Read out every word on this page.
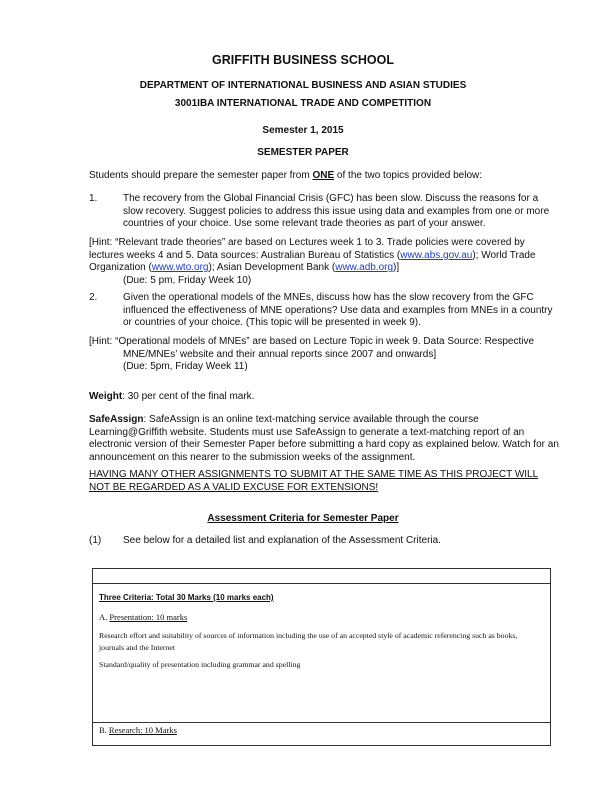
GRIFFITH BUSINESS SCHOOL
DEPARTMENT OF INTERNATIONAL BUSINESS AND ASIAN STUDIES
3001IBA INTERNATIONAL TRADE AND COMPETITION
Semester 1, 2015
SEMESTER PAPER
Students should prepare the semester paper from ONE of the two topics provided below:
1.	The recovery from the Global Financial Crisis (GFC) has been slow. Discuss the reasons for a slow recovery. Suggest policies to address this issue using data and examples from one or more countries of your choice. Use some relevant trade theories as part of your answer.
[Hint: “Relevant trade theories” are based on Lectures week 1 to 3. Trade policies were covered by lectures weeks 4 and 5. Data sources: Australian Bureau of Statistics (www.abs.gov.au); World Trade Organization (www.wto.org); Asian Development Bank (www.adb.org)]
(Due: 5 pm, Friday Week 10)
2.	Given the operational models of the MNEs, discuss how has the slow recovery from the GFC influenced the effectiveness of MNE operations? Use data and examples from MNEs in a country or countries of your choice. (This topic will be presented in week 9).
[Hint: “Operational models of MNEs” are based on Lecture Topic in week 9. Data Source: Respective
MNE/MNEs’ website and their annual reports since 2007 and onwards]
(Due: 5pm, Friday Week 11)
Weight: 30 per cent of the final mark.
SafeAssign: SafeAssign is an online text-matching service available through the course Learning@Griffith website. Students must use SafeAssign to generate a text-matching report of an electronic version of their Semester Paper before submitting a hard copy as explained below. Watch for an announcement on this nearer to the submission weeks of the assignment.
HAVING MANY OTHER ASSIGNMENTS TO SUBMIT AT THE SAME TIME AS THIS PROJECT WILL NOT BE REGARDED AS A VALID EXCUSE FOR EXTENSIONS!
Assessment Criteria for Semester Paper
(1) See below for a detailed list and explanation of the Assessment Criteria.
Three Criteria: Total 30 Marks (10 marks each)
A. Presentation: 10 marks
Research effort and suitability of sources of information including the use of an accepted style of academic referencing such as books, journals and the Internet
Standard/quality of presentation including grammar and spelling
B. Research: 10 Marks
